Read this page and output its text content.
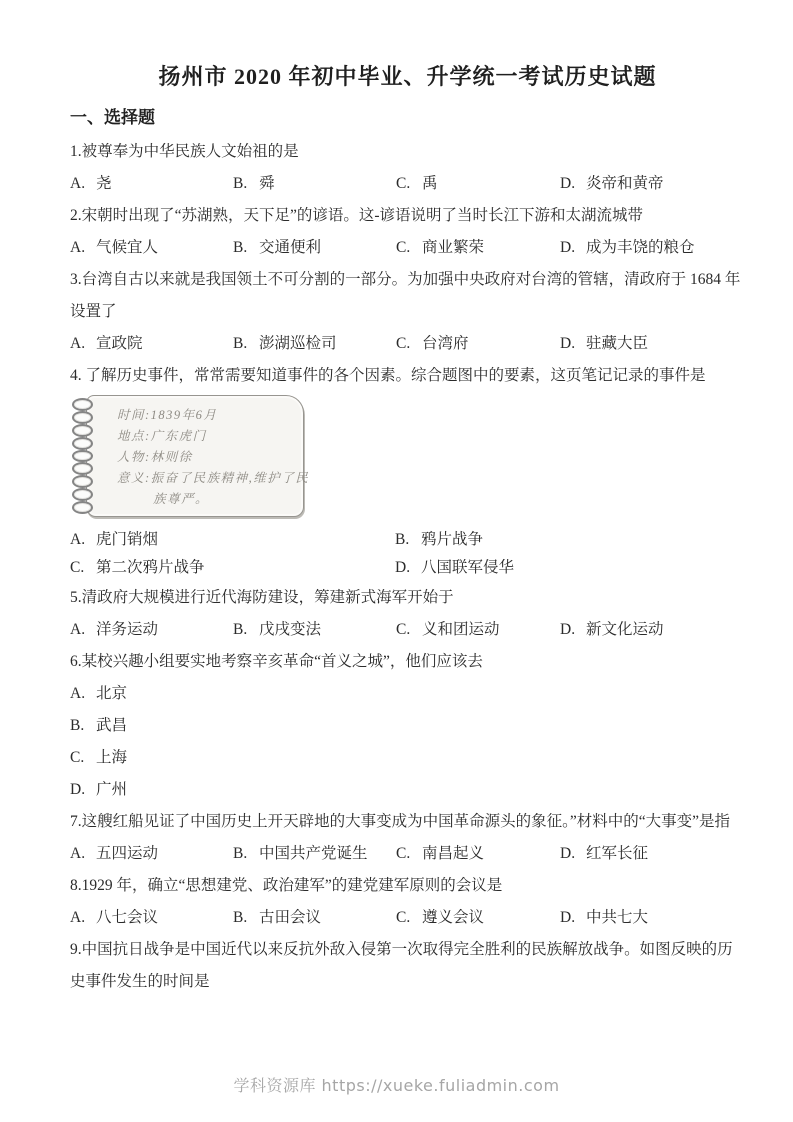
扬州市 2020 年初中毕业、升学统一考试历史试题
一、选择题
1.被尊奉为中华民族人文始祖的是
A. 尧	B. 舜	C. 禹	D. 炎帝和黄帝
2.宋朝时出现了“苏湖熟，天下足”的谚语。这-谚语说明了当时长江下游和太湖流城带
A. 气候宜人	B. 交通便利	C. 商业繁荣	D. 成为丰饶的粮仓
3.台湾自古以来就是我国领土不可分割的一部分。为加强中央政府对台湾的管辖，清政府于 1684 年设置了
A. 宣政院	B. 澎湖巡检司	C. 台湾府	D. 驻藏大臣
4. 了解历史事件，常常需要知道事件的各个因素。综合题图中的要素，这页笔记记录的事件是
时间:1839年6月
地点:广东虎门
人物:林则徐
意义:振奋了民族精神,维护了民
族尊严。
A. 虎门销烟	B. 鸦片战争
C. 第二次鸦片战争	D. 八国联军侵华
5.清政府大规模进行近代海防建设，筹建新式海军开始于
A. 洋务运动	B. 戊戌变法	C. 义和团运动	D. 新文化运动
6.某校兴趣小组要实地考察辛亥革命“首义之城”，他们应该去
A. 北京
B. 武昌
C. 上海
D. 广州
7.这艘红船见证了中国历史上开天辟地的大事变成为中国革命源头的象征。”材料中的“大事变”是指
A. 五四运动	B. 中国共产党诞生	C. 南昌起义	D. 红军长征
8.1929 年，确立“思想建党、政治建军”的建党建军原则的会议是
A. 八七会议	B. 古田会议	C. 遵义会议	D. 中共七大
9.中国抗日战争是中国近代以来反抗外敌入侵第一次取得完全胜利的民族解放战争。如图反映的历史事件发生的时间是
学科资源库 https://xueke.fuliadmin.com
